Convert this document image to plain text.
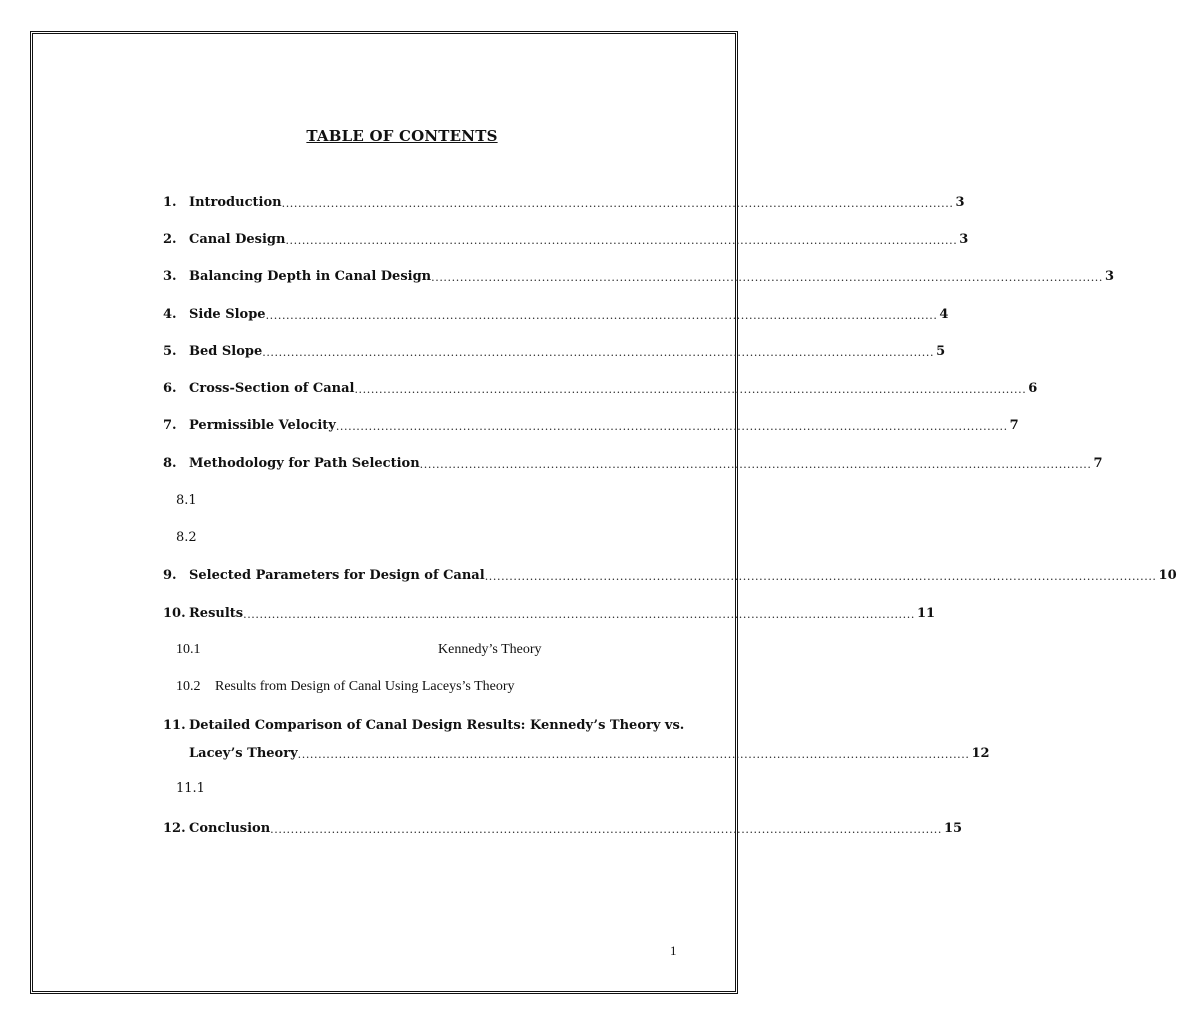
TABLE OF CONTENTS
1. Introduction .................................................................................................................................................................... 3
2. Canal Design .................................................................................................................................................................... 3
3. Balancing Depth in Canal Design .................................................................................................................................................................... 3
4. Side Slope .................................................................................................................................................................... 4
5. Bed Slope .................................................................................................................................................................... 5
6. Cross-Section of Canal .................................................................................................................................................................... 6
7. Permissible Velocity .................................................................................................................................................................... 7
8. Methodology for Path Selection .................................................................................................................................................................... 7
8.1
8.2
9. Selected Parameters for Design of Canal .................................................................................................................................................................... 10
10. Results .................................................................................................................................................................... 11
10.1	Kennedy’s Theory
10.2 Results from Design of Canal Using Laceys’s Theory
11. Detailed Comparison of Canal Design Results: Kennedy’s Theory vs.
Lacey’s Theory .................................................................................................................................................................... 12
11.1
12. Conclusion .................................................................................................................................................................... 15
1
